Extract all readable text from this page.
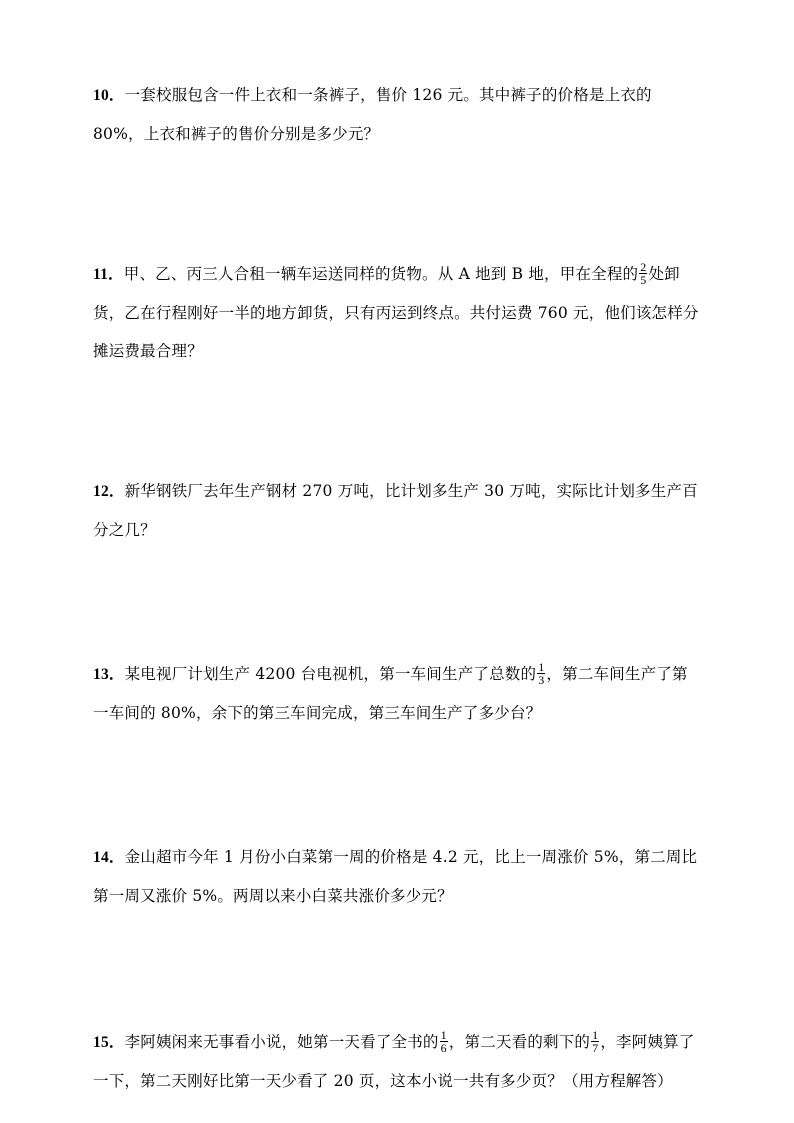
10．一套校服包含一件上衣和一条裤子，售价 126 元。其中裤子的价格是上衣的 80%，上衣和裤子的售价分别是多少元？
11．甲、乙、丙三人合租一辆车运送同样的货物。从 A 地到 B 地，甲在全程的 $\frac{2}{5}$ 处卸货，乙在行程刚好一半的地方卸货，只有丙运到终点。共付运费 760 元，他们该怎样分摊运费最合理？
12．新华钢铁厂去年生产钢材 270 万吨，比计划多生产 30 万吨，实际比计划多生产百分之几？
13．某电视厂计划生产 4200 台电视机，第一车间生产了总数的 $\frac{1}{3}$ ，第二车间生产了第一车间的 80%，余下的第三车间完成，第三车间生产了多少台？
14．金山超市今年 1 月份小白菜第一周的价格是 4.2 元，比上一周涨价 5%，第二周比第一周又涨价 5%。两周以来小白菜共涨价多少元？
15．李阿姨闲来无事看小说，她第一天看了全书的 $\frac{1}{6}$ ，第二天看的剩下的 $\frac{1}{7}$ ，李阿姨算了一下，第二天刚好比第一天少看了 20 页，这本小说一共有多少页？（用方程解答）
